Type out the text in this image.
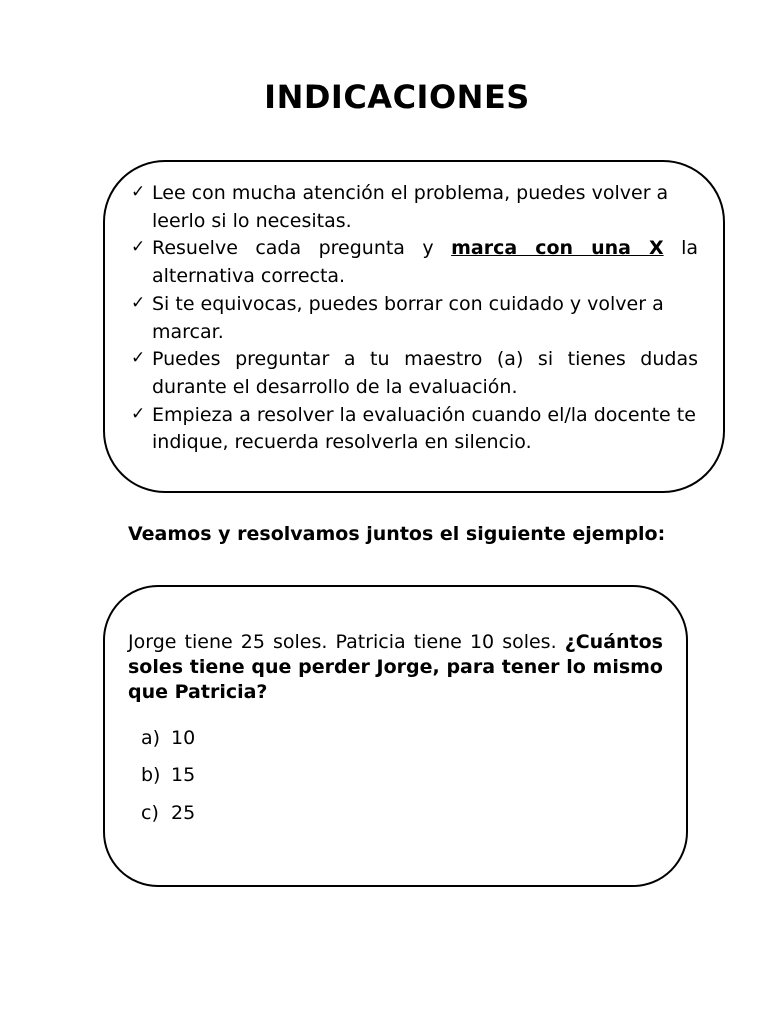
INDICACIONES
✓ Lee con mucha atención el problema, puedes volver a leerlo si lo necesitas.
✓ Resuelve cada pregunta y marca con una X la
alternativa correcta.
✓ Si te equivocas, puedes borrar con cuidado y volver a marcar.
✓ Puedes preguntar a tu maestro (a) si tienes dudas durante el desarrollo de la evaluación.
✓ Empieza a resolver la evaluación cuando el/la docente te indique, recuerda resolverla en silencio.
Veamos y resolvamos juntos el siguiente ejemplo:
Jorge tiene 25 soles. Patricia tiene 10 soles. ¿Cuántos soles tiene que perder Jorge, para tener lo mismo que Patricia?
a) 10
b) 15
c) 25
